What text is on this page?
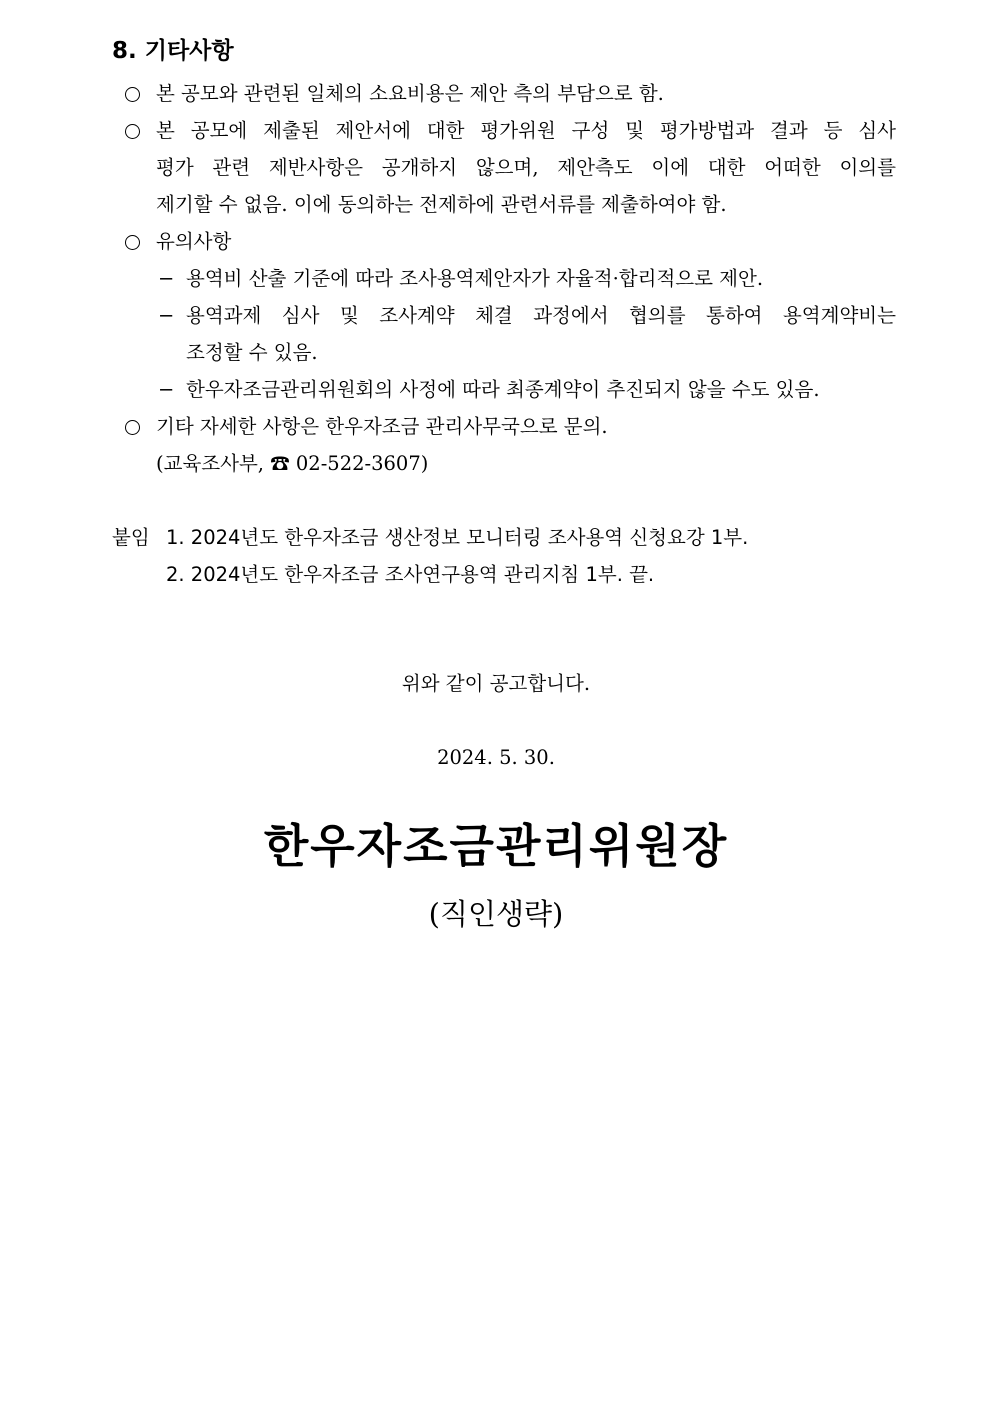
8. 기타사항
본 공모와 관련된 일체의 소요비용은 제안 측의 부담으로 함.
본 공모에 제출된 제안서에 대한 평가위원 구성 및 평가방법과 결과 등 심사
평가 관련 제반사항은 공개하지 않으며, 제안측도 이에 대한 어떠한 이의를
제기할 수 없음. 이에 동의하는 전제하에 관련서류를 제출하여야 함.
유의사항
− 용역비 산출 기준에 따라 조사용역제안자가 자율적·합리적으로 제안.
− 용역과제 심사 및 조사계약 체결 과정에서 협의를 통하여 용역계약비는
조정할 수 있음.
− 한우자조금관리위원회의 사정에 따라 최종계약이 추진되지 않을 수도 있음.
기타 자세한 사항은 한우자조금 관리사무국으로 문의.
(교육조사부, ☎ 02-522-3607)
붙임 1. 2024년도 한우자조금 생산정보 모니터링 조사용역 신청요강 1부.
2. 2024년도 한우자조금 조사연구용역 관리지침 1부. 끝.
위와 같이 공고합니다.
2024. 5. 30.
한우자조금관리위원장
(직인생략)
